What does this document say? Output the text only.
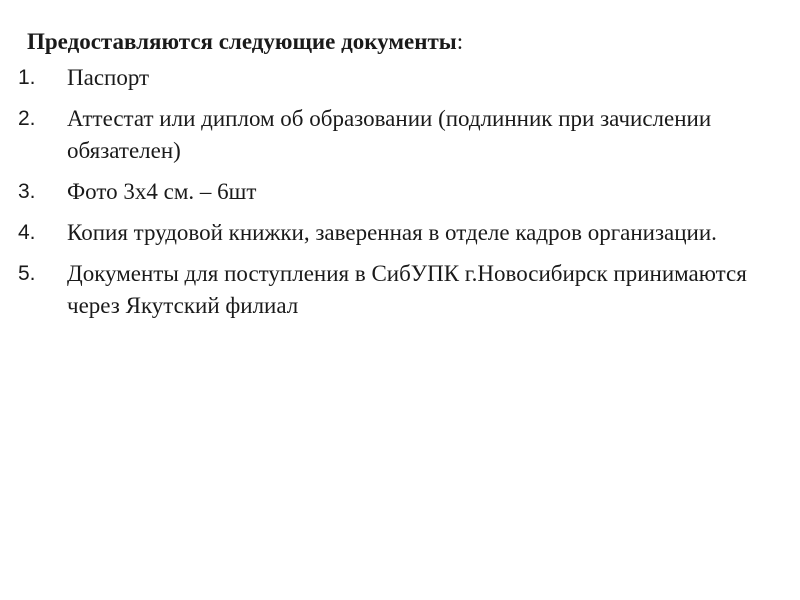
Предоставляются следующие документы:
1. Паспорт
2. Аттестат или диплом об образовании (подлинник при зачислении обязателен)
3. Фото 3х4 см. – 6шт
4. Копия трудовой книжки, заверенная в отделе кадров организации.
5. Документы для поступления в СибУПК г.Новосибирск принимаются через Якутский филиал
